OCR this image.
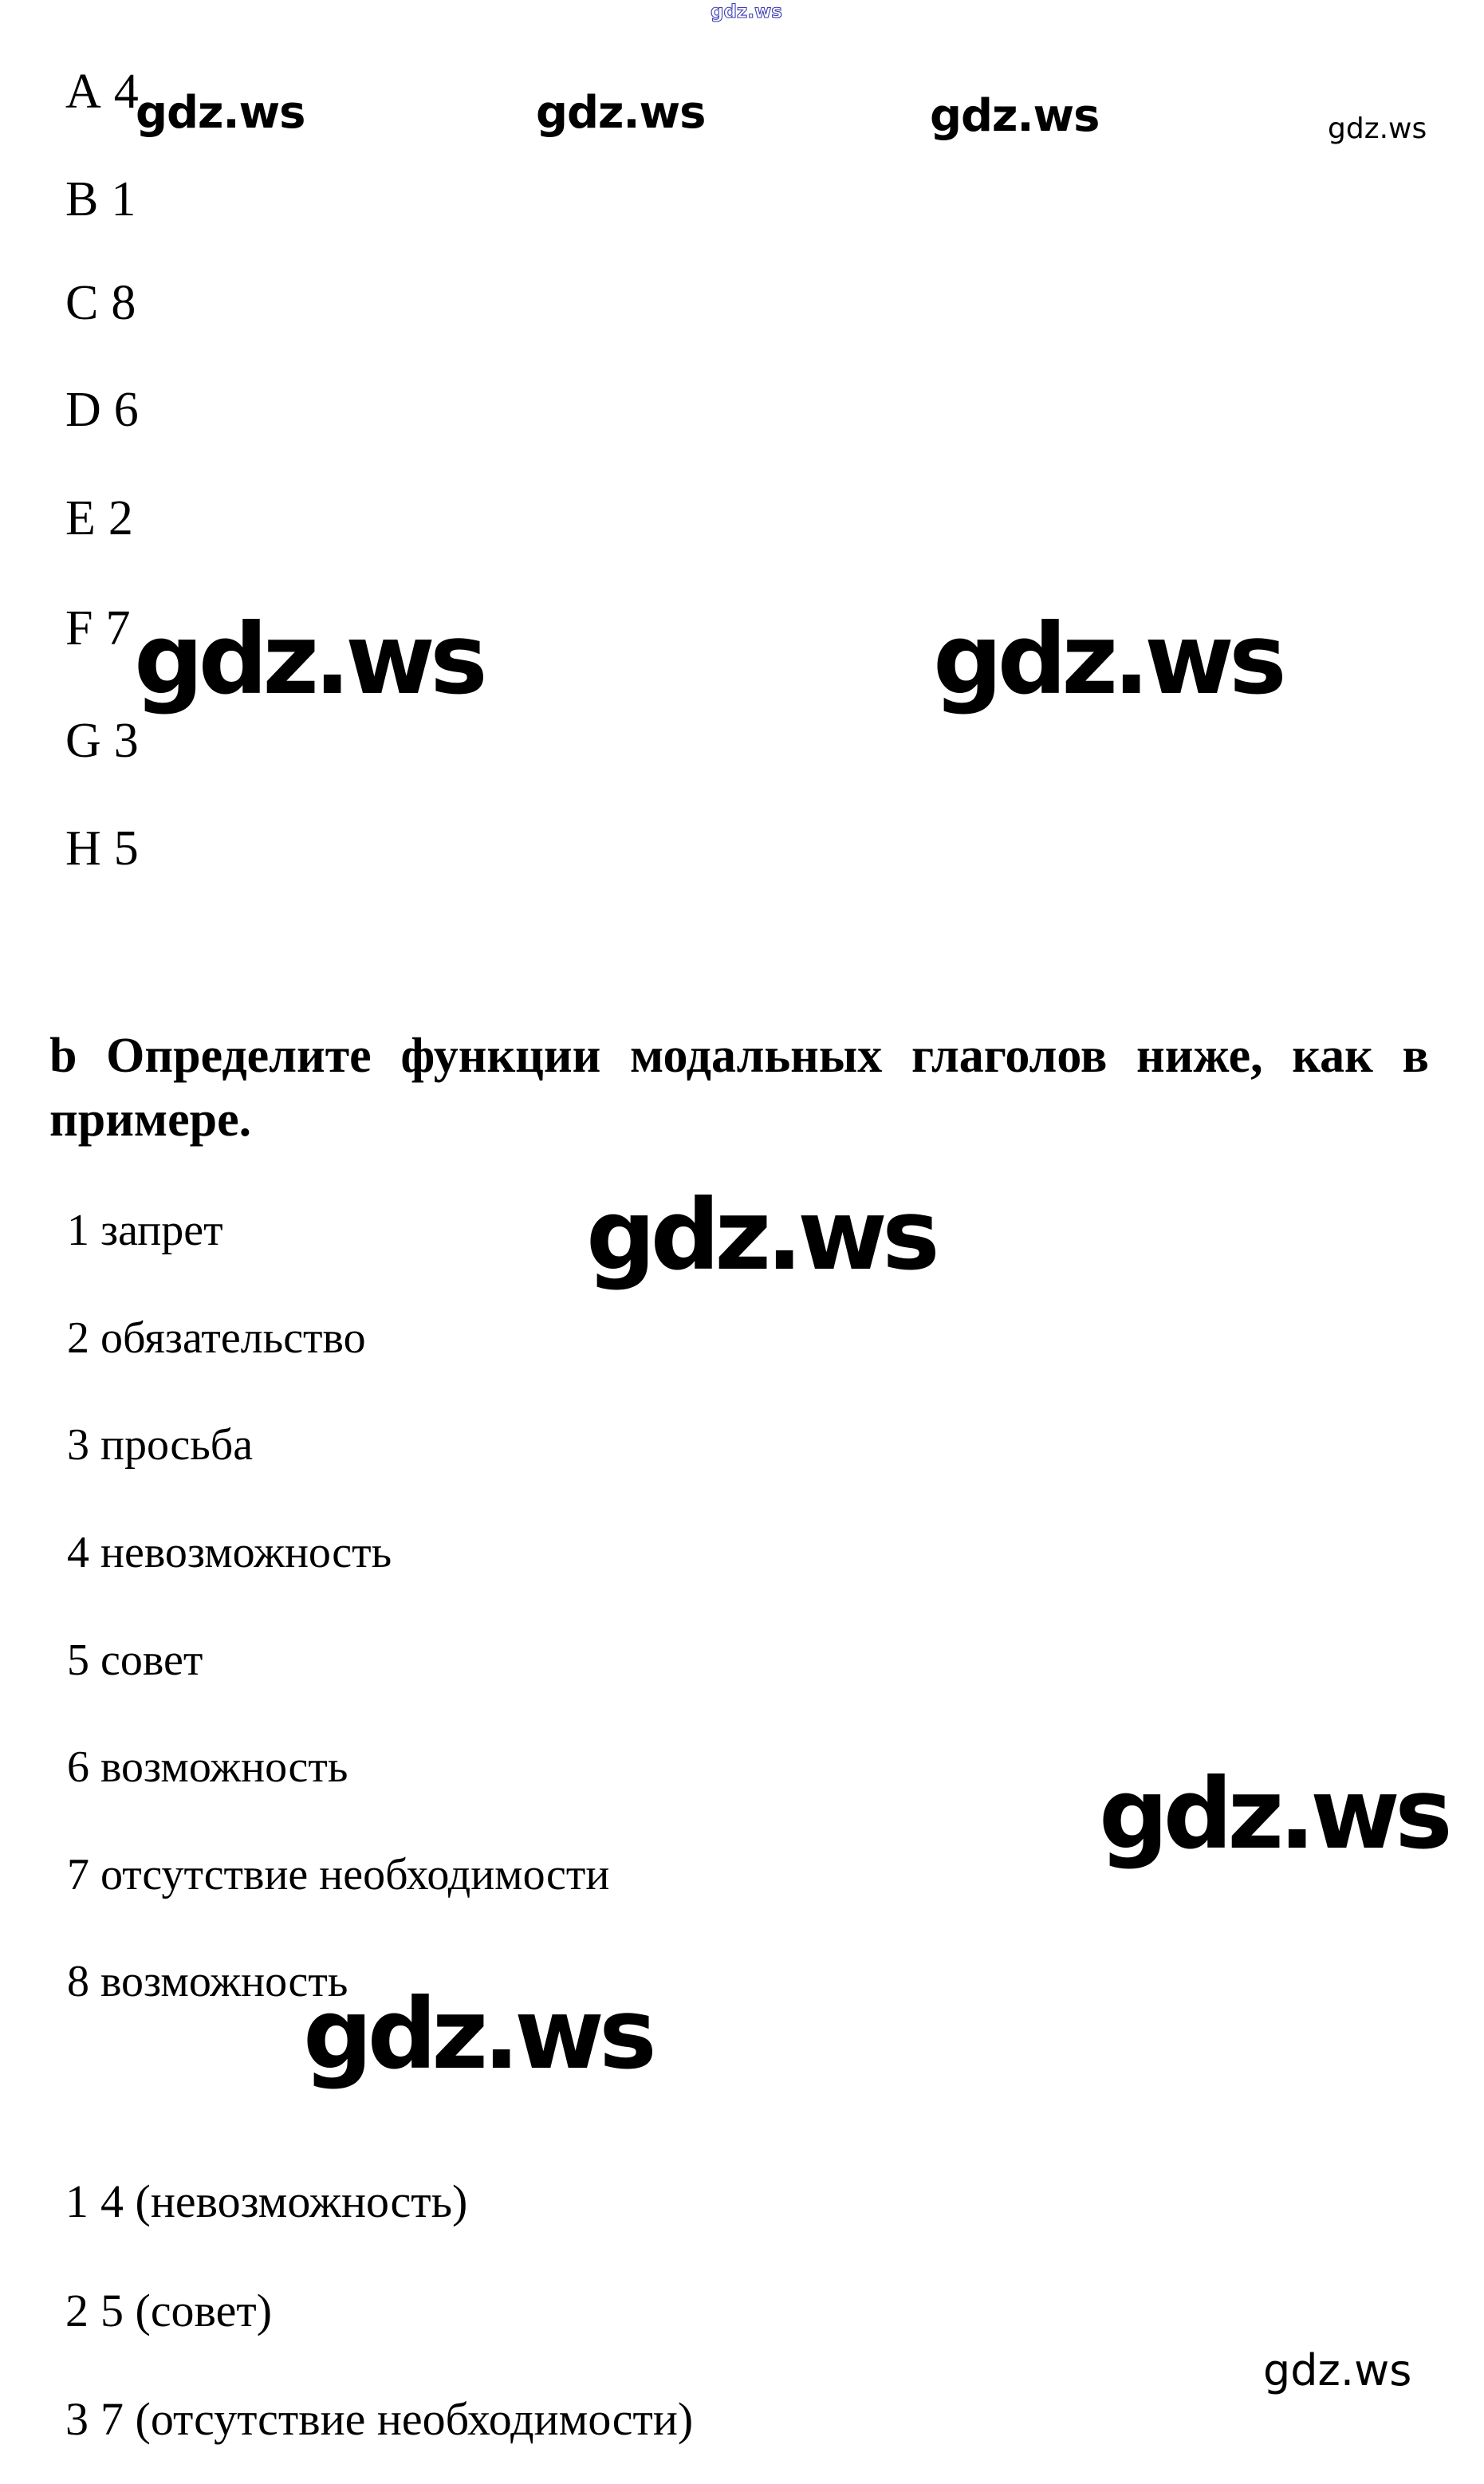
gdz.ws
gdz.ws	gdz.ws	gdz.ws	gdz.ws
A 4
B 1
C 8
D 6
E 2
F 7
G 3
H 5
gdz.ws	gdz.ws
b Определите функции модальных глаголов ниже, как в
примере.
gdz.ws
1 запрет
2 обязательство
3 просьба
4 невозможность
5 совет
6 возможность
7 отсутствие необходимости
8 возможность
gdz.ws
gdz.ws
1 4 (невозможность)
2 5 (совет)
3 7 (отсутствие необходимости)
gdz.ws
